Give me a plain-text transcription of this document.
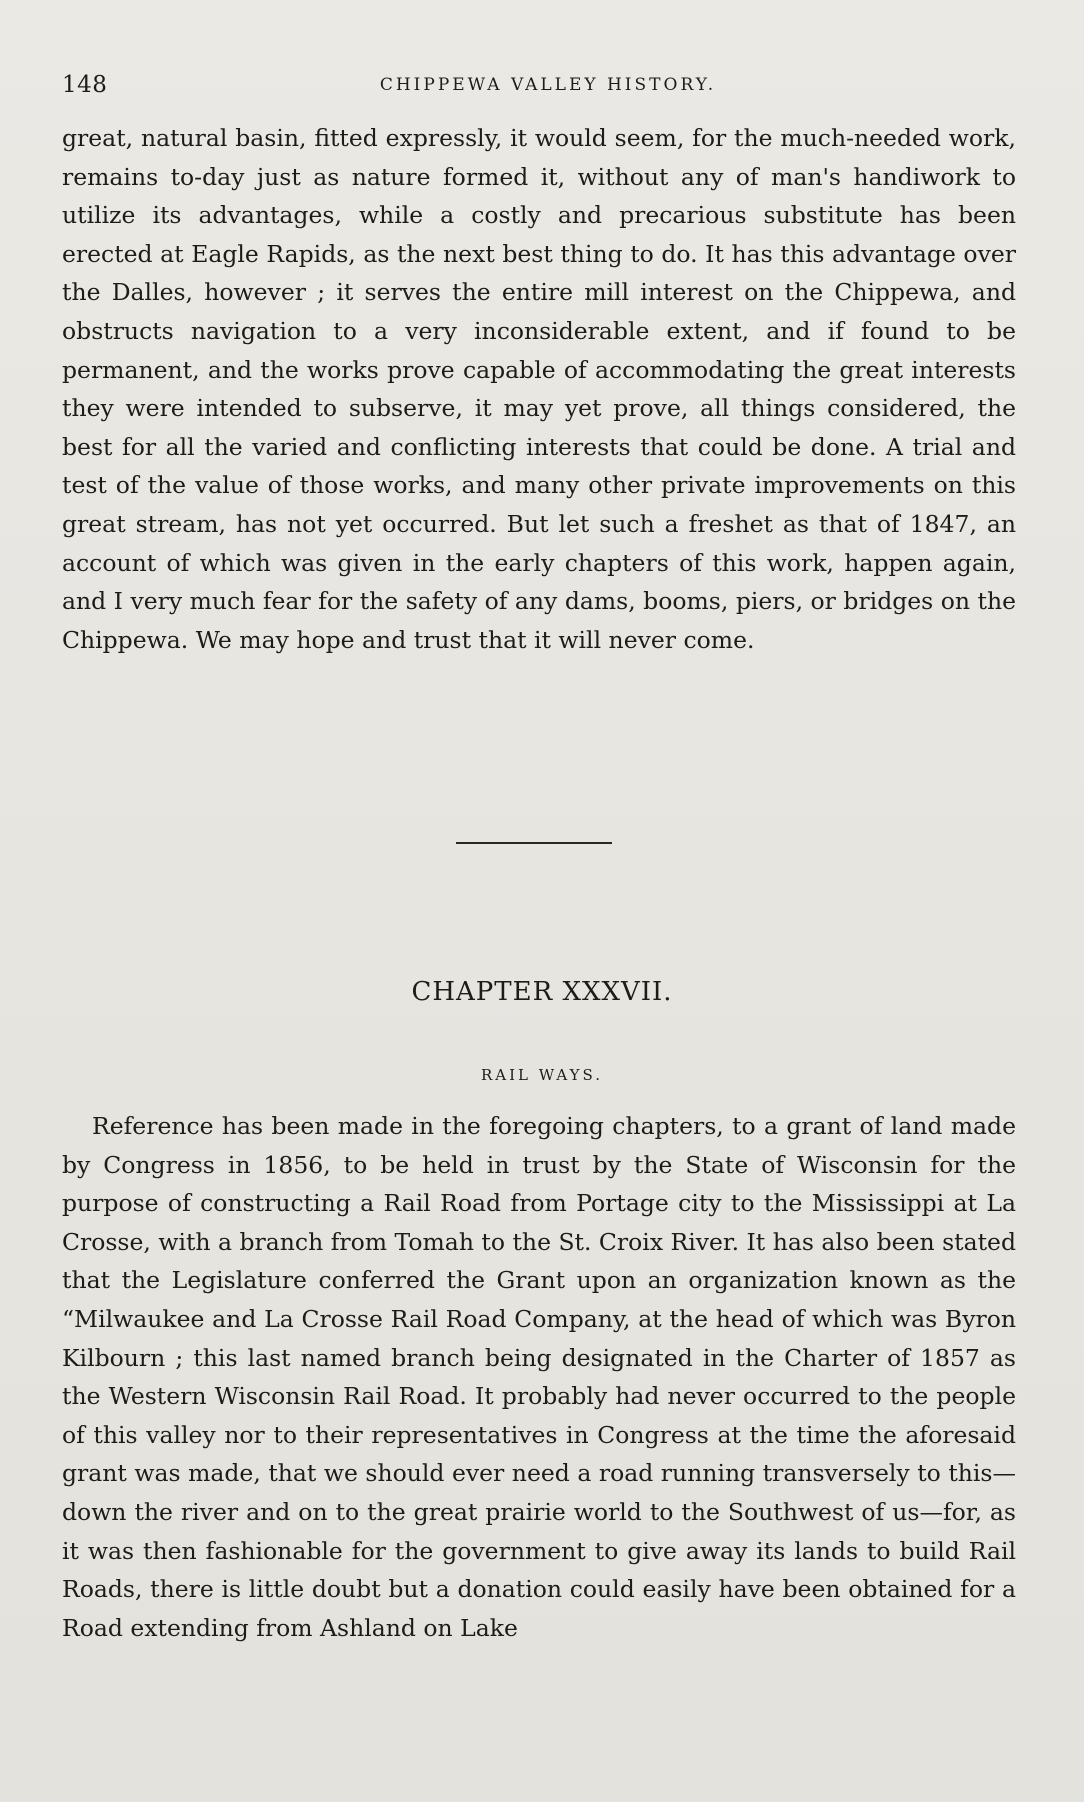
148	CHIPPEWA VALLEY HISTORY.

great, natural basin, fitted expressly, it would seem, for the much-needed work, remains to-day just as nature formed it, without any of man's handiwork to utilize its advantages, while a costly and precarious substitute has been erected at Eagle Rapids, as the next best thing to do. It has this advantage over the Dalles, however ; it serves the entire mill interest on the Chippewa, and obstructs navigation to a very inconsiderable extent, and if found to be permanent, and the works prove capable of accommodating the great interests they were intended to subserve, it may yet prove, all things considered, the best for all the varied and conflicting interests that could be done. A trial and test of the value of those works, and many other private improvements on this great stream, has not yet occurred. But let such a freshet as that of 1847, an account of which was given in the early chapters of this work, happen again, and I very much fear for the safety of any dams, booms, piers, or bridges on the Chippewa. We may hope and trust that it will never come.

CHAPTER XXXVII.
RAIL WAYS.

Reference has been made in the foregoing chapters, to a grant of land made by Congress in 1856, to be held in trust by the State of Wisconsin for the purpose of constructing a Rail Road from Portage city to the Mississippi at La Crosse, with a branch from Tomah to the St. Croix River. It has also been stated that the Legislature conferred the Grant upon an organization known as the “Milwaukee and La Crosse Rail Road Company, at the head of which was Byron Kilbourn ; this last named branch being designated in the Charter of 1857 as the Western Wisconsin Rail Road. It probably had never occurred to the people of this valley nor to their representatives in Congress at the time the aforesaid grant was made, that we should ever need a road running transversely to this—down the river and on to the great prairie world to the Southwest of us—for, as it was then fashionable for the government to give away its lands to build Rail Roads, there is little doubt but a donation could easily have been obtained for a Road extending from Ashland on Lake
